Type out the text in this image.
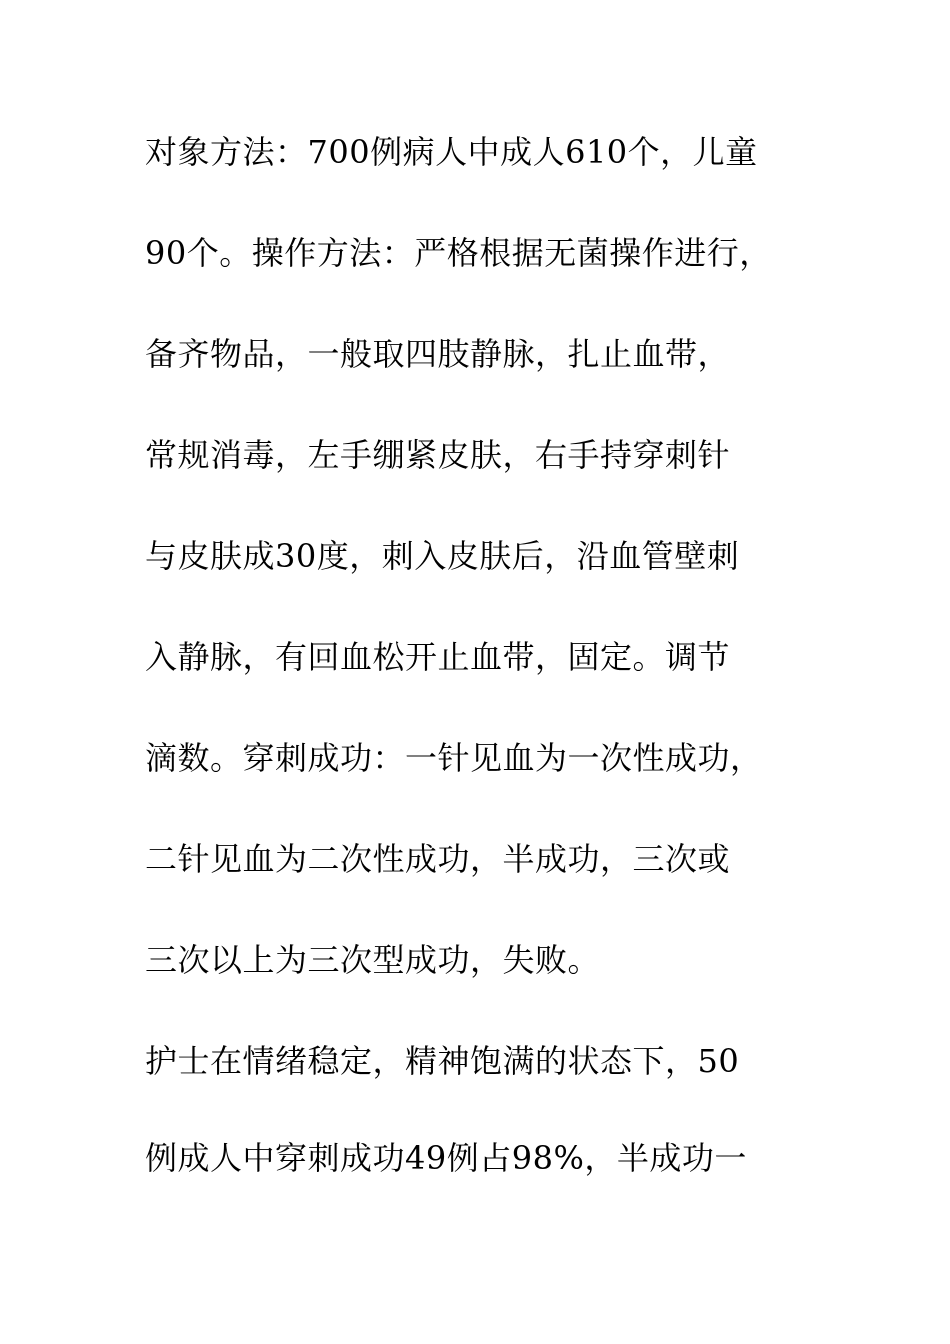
对象方法：700例病人中成人610个，儿童
90个。操作方法：严格根据无菌操作进行，
备齐物品，一般取四肢静脉，扎止血带，
常规消毒，左手绷紧皮肤，右手持穿刺针
与皮肤成30度，刺入皮肤后，沿血管壁刺
入静脉，有回血松开止血带，固定。调节
滴数。穿刺成功：一针见血为一次性成功，
二针见血为二次性成功，半成功，三次或
三次以上为三次型成功，失败。
护士在情绪稳定，精神饱满的状态下，50
例成人中穿刺成功49例占98%，半成功一
